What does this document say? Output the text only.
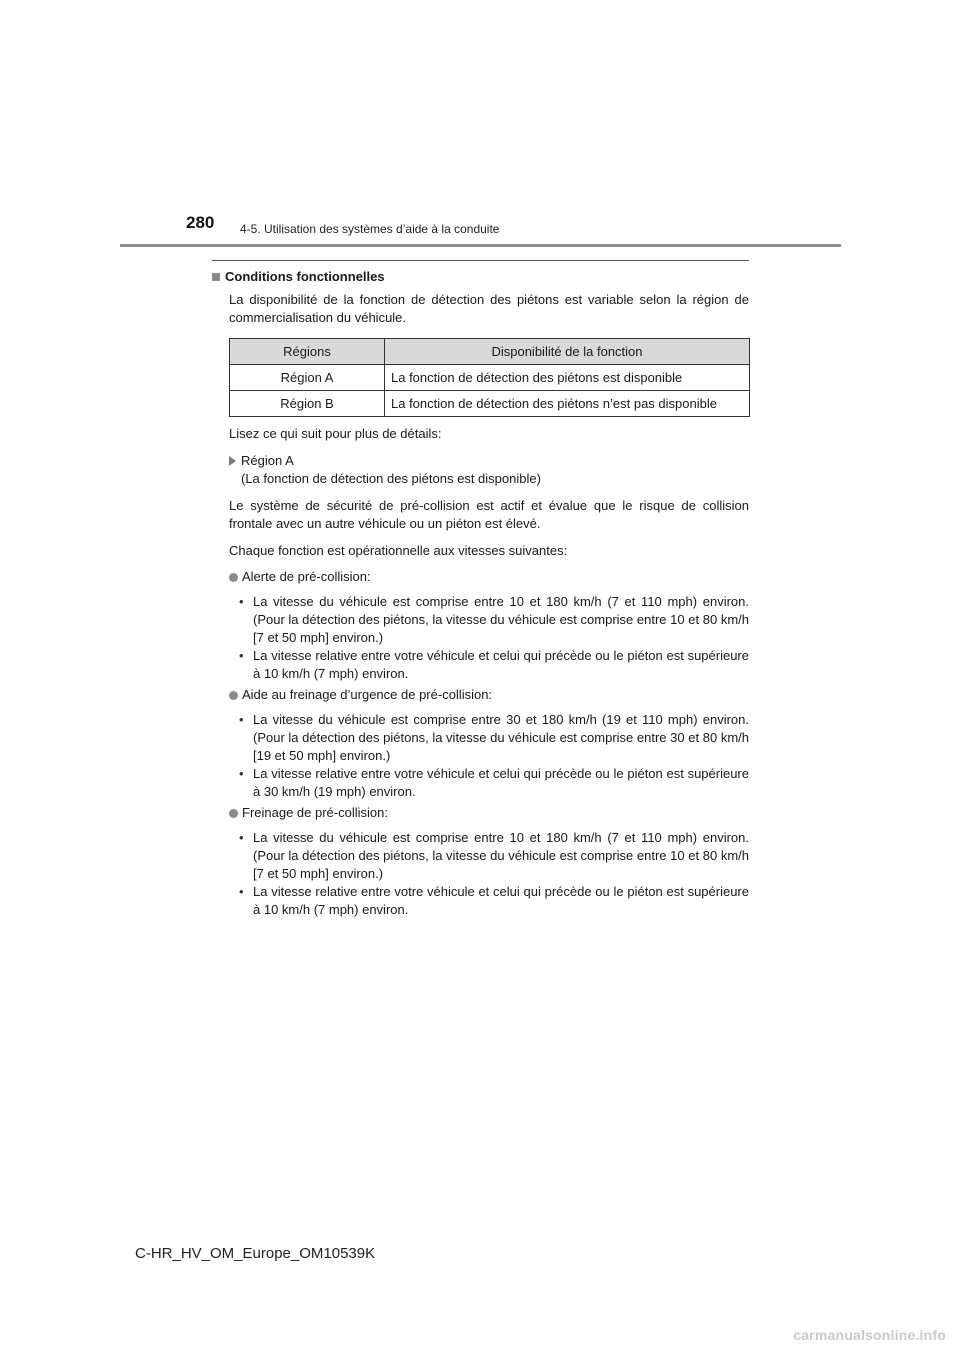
280 4-5. Utilisation des systèmes d’aide à la conduite

Conditions fonctionnelles

La disponibilité de la fonction de détection des piétons est variable selon la région de commercialisation du véhicule.

Régions	Disponibilité de la fonction
Région A	La fonction de détection des piétons est disponible
Région B	La fonction de détection des piétons n’est pas disponible

Lisez ce qui suit pour plus de détails:

Région A
(La fonction de détection des piétons est disponible)

Le système de sécurité de pré-collision est actif et évalue que le risque de collision frontale avec un autre véhicule ou un piéton est élevé.

Chaque fonction est opérationnelle aux vitesses suivantes:

Alerte de pré-collision:
• La vitesse du véhicule est comprise entre 10 et 180 km/h (7 et 110 mph) environ. (Pour la détection des piétons, la vitesse du véhicule est comprise entre 10 et 80 km/h [7 et 50 mph] environ.)
• La vitesse relative entre votre véhicule et celui qui précède ou le piéton est supérieure à 10 km/h (7 mph) environ.
Aide au freinage d’urgence de pré-collision:
• La vitesse du véhicule est comprise entre 30 et 180 km/h (19 et 110 mph) environ. (Pour la détection des piétons, la vitesse du véhicule est comprise entre 30 et 80 km/h [19 et 50 mph] environ.)
• La vitesse relative entre votre véhicule et celui qui précède ou le piéton est supérieure à 30 km/h (19 mph) environ.
Freinage de pré-collision:
• La vitesse du véhicule est comprise entre 10 et 180 km/h (7 et 110 mph) environ. (Pour la détection des piétons, la vitesse du véhicule est comprise entre 10 et 80 km/h [7 et 50 mph] environ.)
• La vitesse relative entre votre véhicule et celui qui précède ou le piéton est supérieure à 10 km/h (7 mph) environ.
C-HR_HV_OM_Europe_OM10539K
carmanualsonline.info
